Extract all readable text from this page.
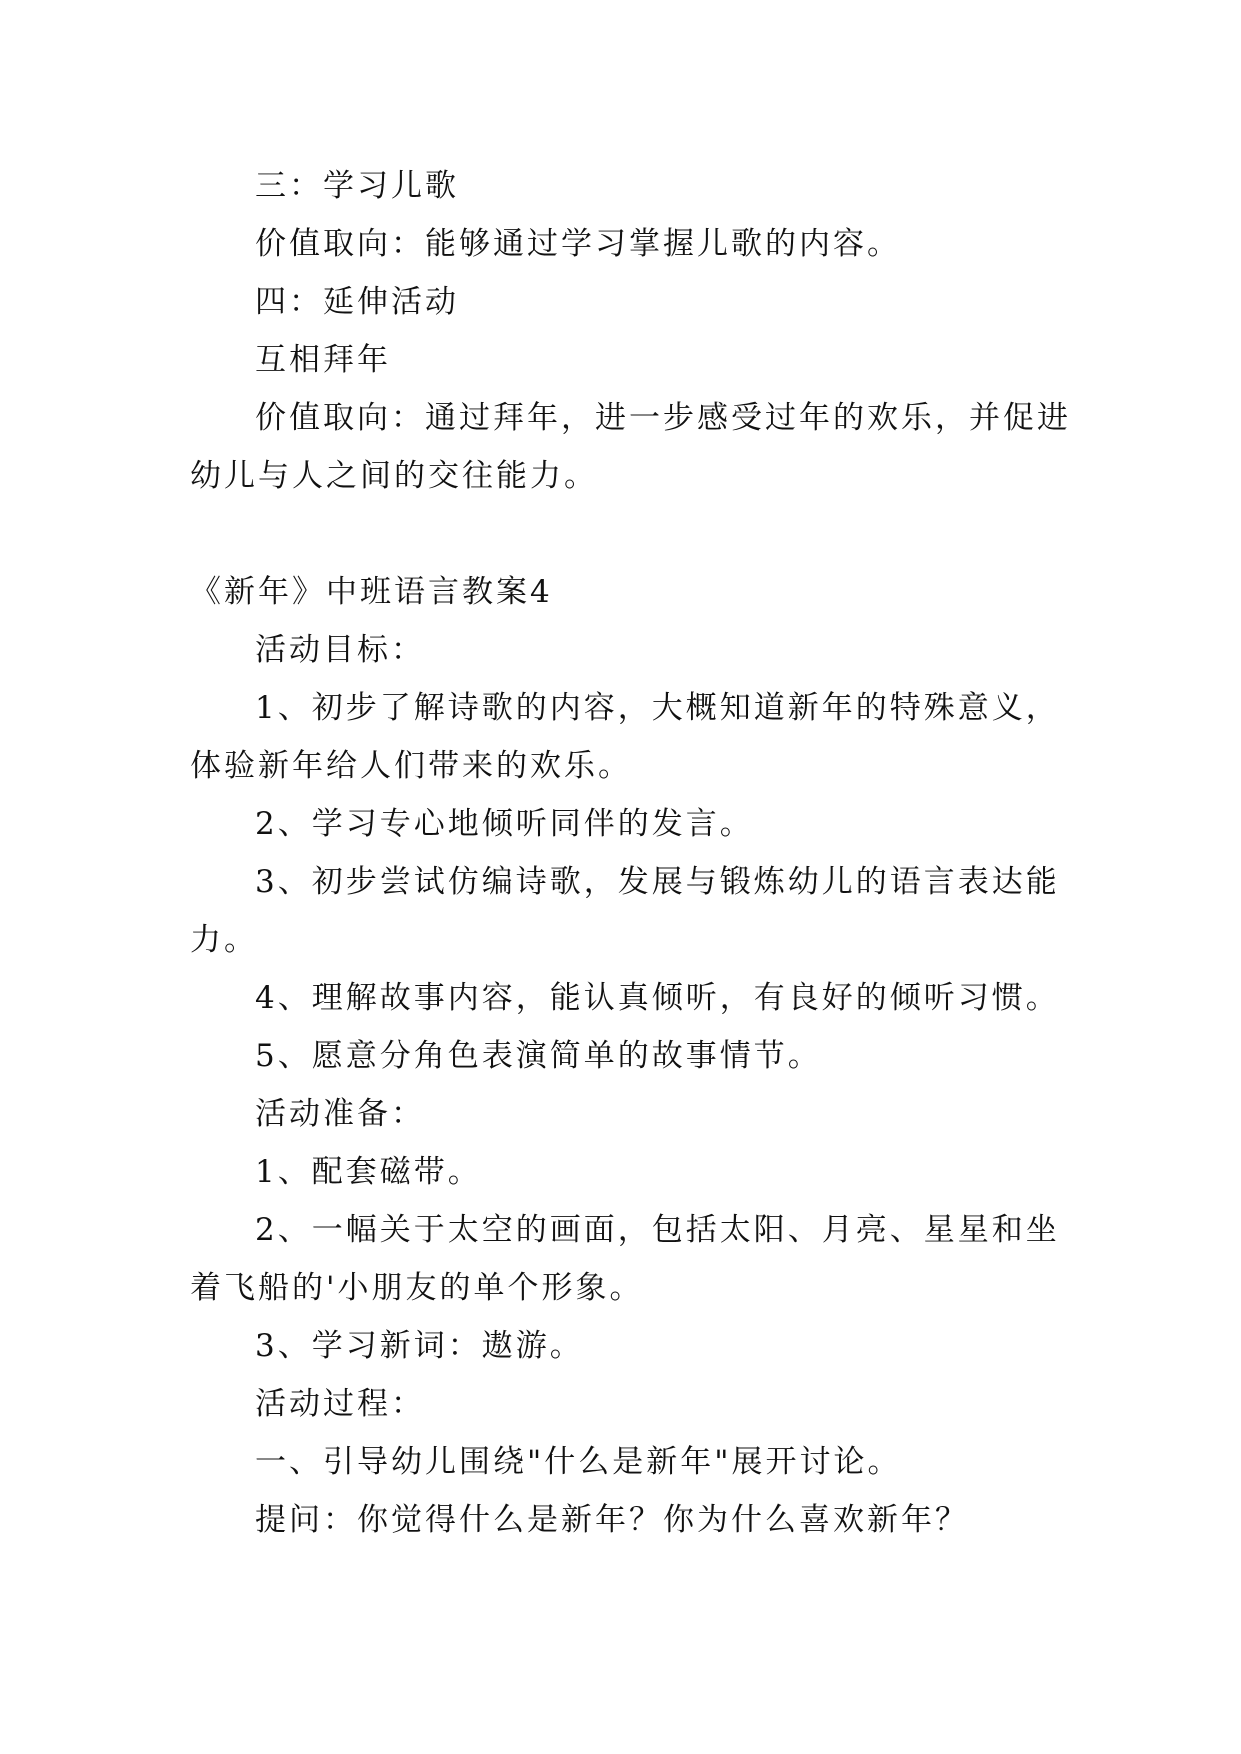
三：学习儿歌
价值取向：能够通过学习掌握儿歌的内容。
四：延伸活动
互相拜年
价值取向：通过拜年，进一步感受过年的欢乐，并促进
幼儿与人之间的交往能力。
《新年》中班语言教案4
活动目标：
1、初步了解诗歌的内容，大概知道新年的特殊意义，
体验新年给人们带来的欢乐。
2、学习专心地倾听同伴的发言。
3、初步尝试仿编诗歌，发展与锻炼幼儿的语言表达能
力。
4、理解故事内容，能认真倾听，有良好的倾听习惯。
5、愿意分角色表演简单的故事情节。
活动准备：
1、配套磁带。
2、一幅关于太空的画面，包括太阳、月亮、星星和坐
着飞船的'小朋友的单个形象。
3、学习新词：遨游。
活动过程：
一、引导幼儿围绕"什么是新年"展开讨论。
提问：你觉得什么是新年？你为什么喜欢新年？
